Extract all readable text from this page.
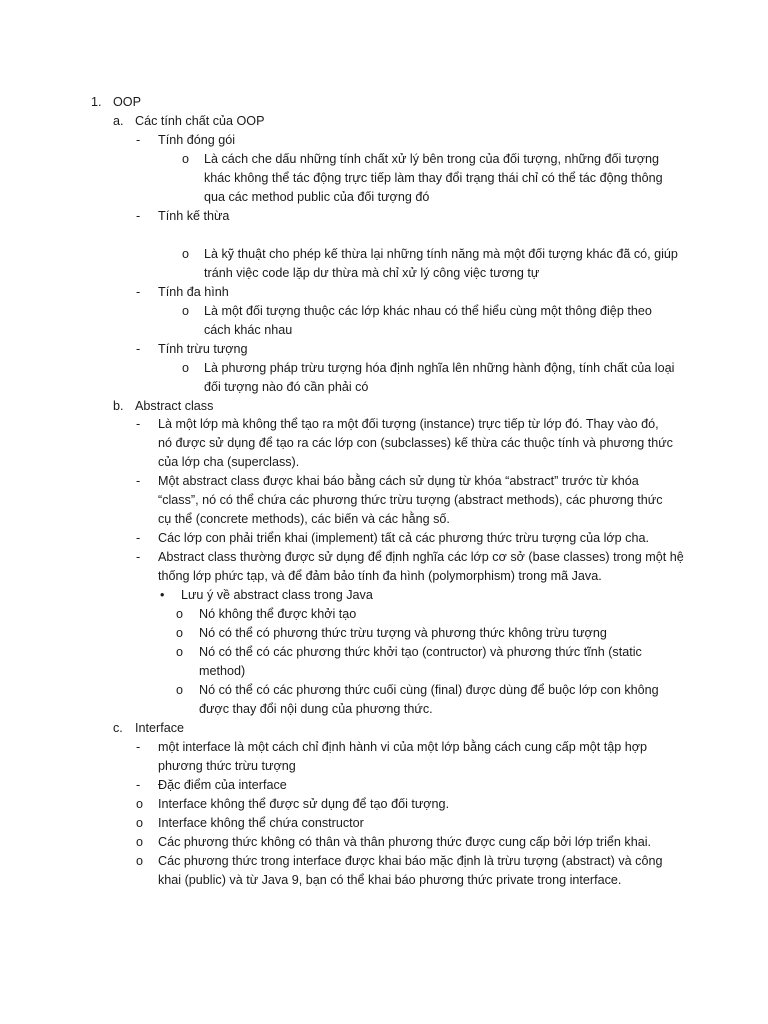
1. OOP
a. Các tính chất của OOP
- Tính đóng gói
o Là cách che dấu những tính chất xử lý bên trong của đối tượng, những đối tượng
khác không thể tác động trực tiếp làm thay đổi trạng thái chỉ có thể tác động thông
qua các method public của đối tượng đó
- Tính kế thừa
o Là kỹ thuật cho phép kế thừa lại những tính năng mà một đối tượng khác đã có, giúp
tránh việc code lặp dư thừa mà chỉ xử lý công việc tương tự
- Tính đa hình
o Là một đối tượng thuộc các lớp khác nhau có thể hiểu cùng một thông điệp theo
cách khác nhau
- Tính trừu tượng
o Là phương pháp trừu tượng hóa định nghĩa lên những hành động, tính chất của loại
đối tượng nào đó cần phải có
b. Abstract class
- Là một lớp mà không thể tạo ra một đối tượng (instance) trực tiếp từ lớp đó. Thay vào đó,
nó được sử dụng để tạo ra các lớp con (subclasses) kế thừa các thuộc tính và phương thức
của lớp cha (superclass).
- Một abstract class được khai báo bằng cách sử dụng từ khóa “abstract” trước từ khóa
“class”, nó có thể chứa các phương thức trừu tượng (abstract methods), các phương thức
cụ thể (concrete methods), các biến và các hằng số.
- Các lớp con phải triển khai (implement) tất cả các phương thức trừu tượng của lớp cha.
- Abstract class thường được sử dụng để định nghĩa các lớp cơ sở (base classes) trong một hệ
thống lớp phức tạp, và để đảm bảo tính đa hình (polymorphism) trong mã Java.
• Lưu ý về abstract class trong Java
o Nó không thể được khởi tạo
o Nó có thể có phương thức trừu tượng và phương thức không trừu tượng
o Nó có thể có các phương thức khởi tạo (contructor) và phương thức tĩnh (static
method)
o Nó có thể có các phương thức cuối cùng (final) được dùng để buộc lớp con không
được thay đổi nội dung của phương thức.
c. Interface
- một interface là một cách chỉ định hành vi của một lớp bằng cách cung cấp một tập hợp
phương thức trừu tượng
- Đặc điểm của interface
o Interface không thể được sử dụng để tạo đối tượng.
o Interface không thể chứa constructor
o Các phương thức không có thân và thân phương thức được cung cấp bởi lớp triển khai.
o Các phương thức trong interface được khai báo mặc định là trừu tượng (abstract) và công
khai (public) và từ Java 9, bạn có thể khai báo phương thức private trong interface.
